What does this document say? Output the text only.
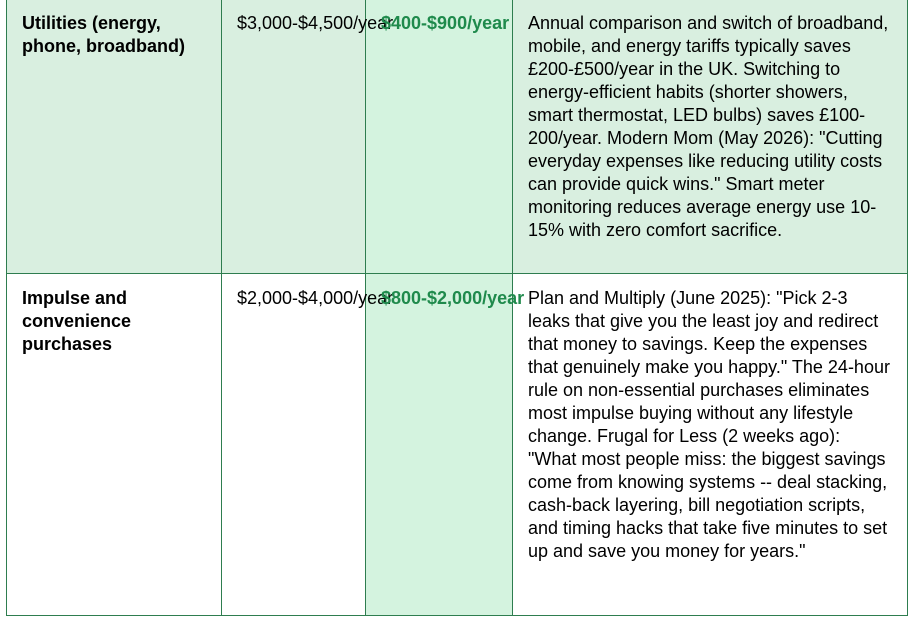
Utilities (energy, phone, broadband)	$3,000-$4,500/year	$400-$900/year	Annual comparison and switch of broadband, mobile, and energy tariffs typically saves £200-£500/year in the UK. Switching to energy-efficient habits (shorter showers, smart thermostat, LED bulbs) saves £100-200/year. Modern Mom (May 2026): "Cutting everyday expenses like reducing utility costs can provide quick wins." Smart meter monitoring reduces average energy use 10-15% with zero comfort sacrifice.
Impulse and convenience purchases	$2,000-$4,000/year	$800-$2,000/year	Plan and Multiply (June 2025): "Pick 2-3 leaks that give you the least joy and redirect that money to savings. Keep the expenses that genuinely make you happy." The 24-hour rule on non-essential purchases eliminates most impulse buying without any lifestyle change. Frugal for Less (2 weeks ago): "What most people miss: the biggest savings come from knowing systems -- deal stacking, cash-back layering, bill negotiation scripts, and timing hacks that take five minutes to set up and save you money for years."
